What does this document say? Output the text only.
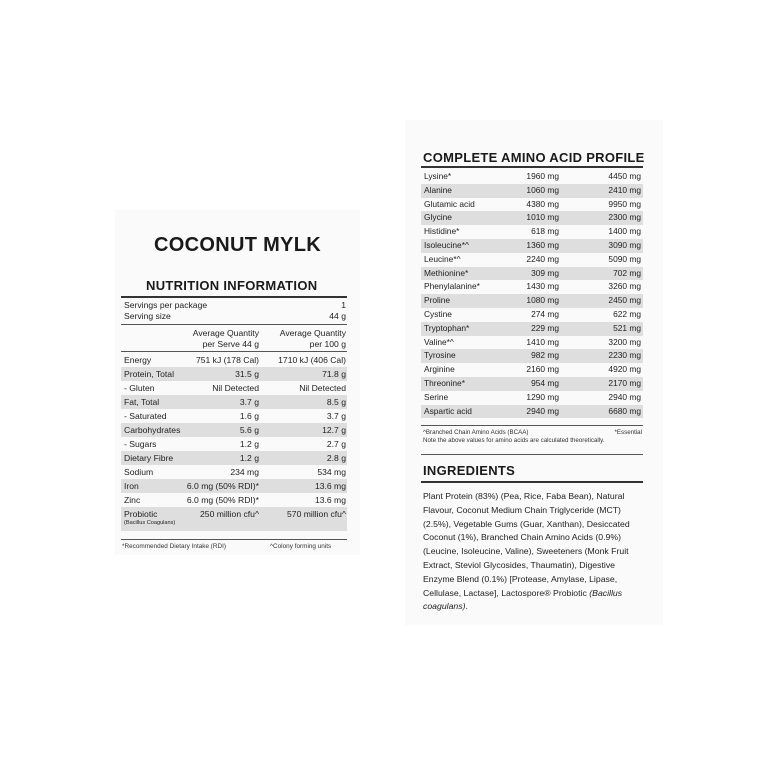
COCONUT MYLK
NUTRITION INFORMATION
Servings per package	1
Serving size	44 g
Average Quantity
per Serve 44 g
Average Quantity
per 100 g
Energy	751 kJ (178 Cal) 1710 kJ (406 Cal)
Protein, Total	31.5 g	71.8 g
- Gluten	Nil Detected	Nil Detected
Fat, Total	3.7 g	8.5 g
- Saturated	1.6 g	3.7 g
Carbohydrates	5.6 g	12.7 g
- Sugars	1.2 g	2.7 g
Dietary Fibre	1.2 g	2.8 g
Sodium	234 mg	534 mg
Iron	6.0 mg (50% RDI)*	13.6 mg
Zinc	6.0 mg (50% RDI)*	13.6 mg
Probiotic
(Bacillus Coagulans)
250 million cfu^	570 million cfu^
*Recommended Dietary Intake (RDI)	^Colony forming units
COMPLETE AMINO ACID PROFILE
Lysine*	1960 mg	4450 mg
Alanine	1060 mg	2410 mg
Glutamic acid	4380 mg	9950 mg
Glycine	1010 mg	2300 mg
Histidine*	618 mg	1400 mg
Isoleucine*^	1360 mg	3090 mg
Leucine*^	2240 mg	5090 mg
Methionine*	309 mg	702 mg
Phenylalanine*	1430 mg	3260 mg
Proline	1080 mg	2450 mg
Cystine	274 mg	622 mg
Tryptophan*	229 mg	521 mg
Valine*^	1410 mg	3200 mg
Tyrosine	982 mg	2230 mg
Arginine	2160 mg	4920 mg
Threonine*	954 mg	2170 mg
Serine	1290 mg	2940 mg
Aspartic acid	2940 mg	6680 mg
^Branched Chain Amino Acids (BCAA)	*Essential
Note the above values for amino acids are calculated theoretically.
INGREDIENTS
Plant Protein (83%) (Pea, Rice, Faba Bean), Natural Flavour, Coconut Medium Chain Triglyceride (MCT) (2.5%), Vegetable Gums (Guar, Xanthan), Desiccated Coconut (1%), Branched Chain Amino Acids (0.9%) (Leucine, Isoleucine, Valine), Sweeteners (Monk Fruit Extract, Steviol Glycosides, Thaumatin), Digestive Enzyme Blend (0.1%) [Protease, Amylase, Lipase, Cellulase, Lactase], Lactospore® Probiotic (Bacillus coagulans).
